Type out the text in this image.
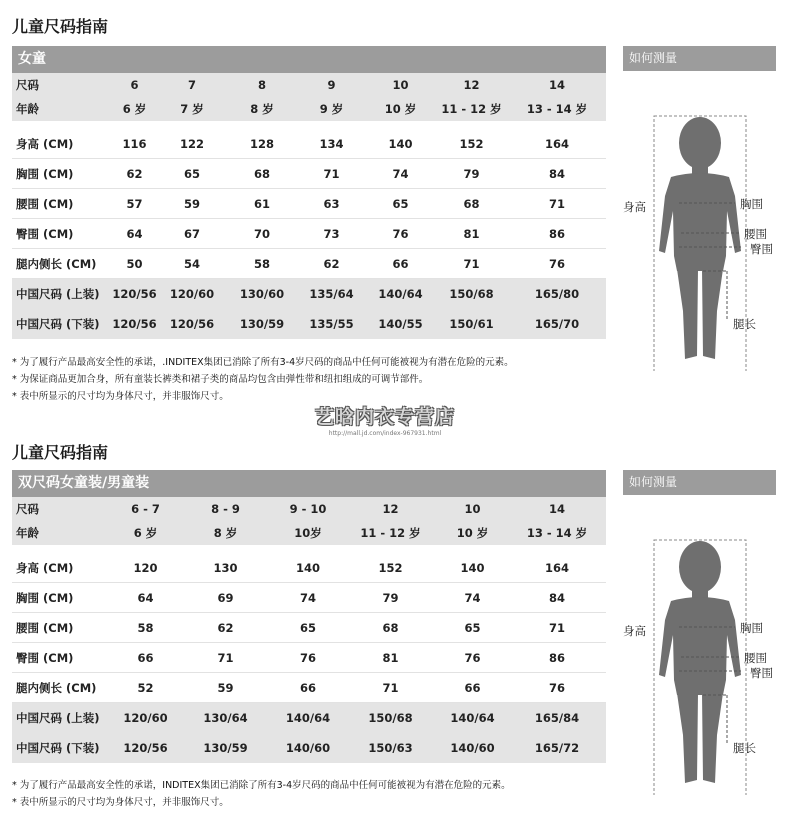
儿童尺码指南
女童
尺码	6	7	8	9	10	12	14
年龄	6 岁	7 岁	8 岁	9 岁	10 岁	11 - 12 岁	13 - 14 岁
身高 (CM)	116	122	128	134	140	152	164
胸围 (CM)	62	65	68	71	74	79	84
腰围 (CM)	57	59	61	63	65	68	71
臀围 (CM)	64	67	70	73	76	81	86
腿内侧长 (CM)	50	54	58	62	66	71	76
中国尺码 (上装)	120/56	120/60	130/60	135/64	140/64	150/68	165/80
中国尺码 (下装)	120/56	120/56	130/59	135/55	140/55	150/61	165/70
* 为了履行产品最高安全性的承诺，.INDITEX集团已消除了所有3-4岁尺码的商品中任何可能被视为有潜在危险的元素。
* 为保证商品更加合身，所有童装长裤类和裙子类的商品均包含由弹性带和纽扣组成的可调节部件。
* 表中所显示的尺寸均为身体尺寸，并非服饰尺寸。
如何测量
身高	胸围
腰围
臀围
腿长
艺晗内衣专营店
http://mall.jd.com/index-967931.html
儿童尺码指南
双尺码女童装/男童装
尺码	6 - 7	8 - 9	9 - 10	12	10	14
年龄	6 岁	8 岁	10岁	11 - 12 岁	10 岁	13 - 14 岁
身高 (CM)	120	130	140	152	140	164
胸围 (CM)	64	69	74	79	74	84
腰围 (CM)	58	62	65	68	65	71
臀围 (CM)	66	71	76	81	76	86
腿内侧长 (CM)	52	59	66	71	66	76
中国尺码 (上装)	120/60	130/64	140/64	150/68	140/64	165/84
中国尺码 (下装)	120/56	130/59	140/60	150/63	140/60	165/72
* 为了履行产品最高安全性的承诺，INDITEX集团已消除了所有3-4岁尺码的商品中任何可能被视为有潜在危险的元素。
* 表中所显示的尺寸均为身体尺寸，并非服饰尺寸。
如何测量
身高	胸围
腰围
臀围
腿长
